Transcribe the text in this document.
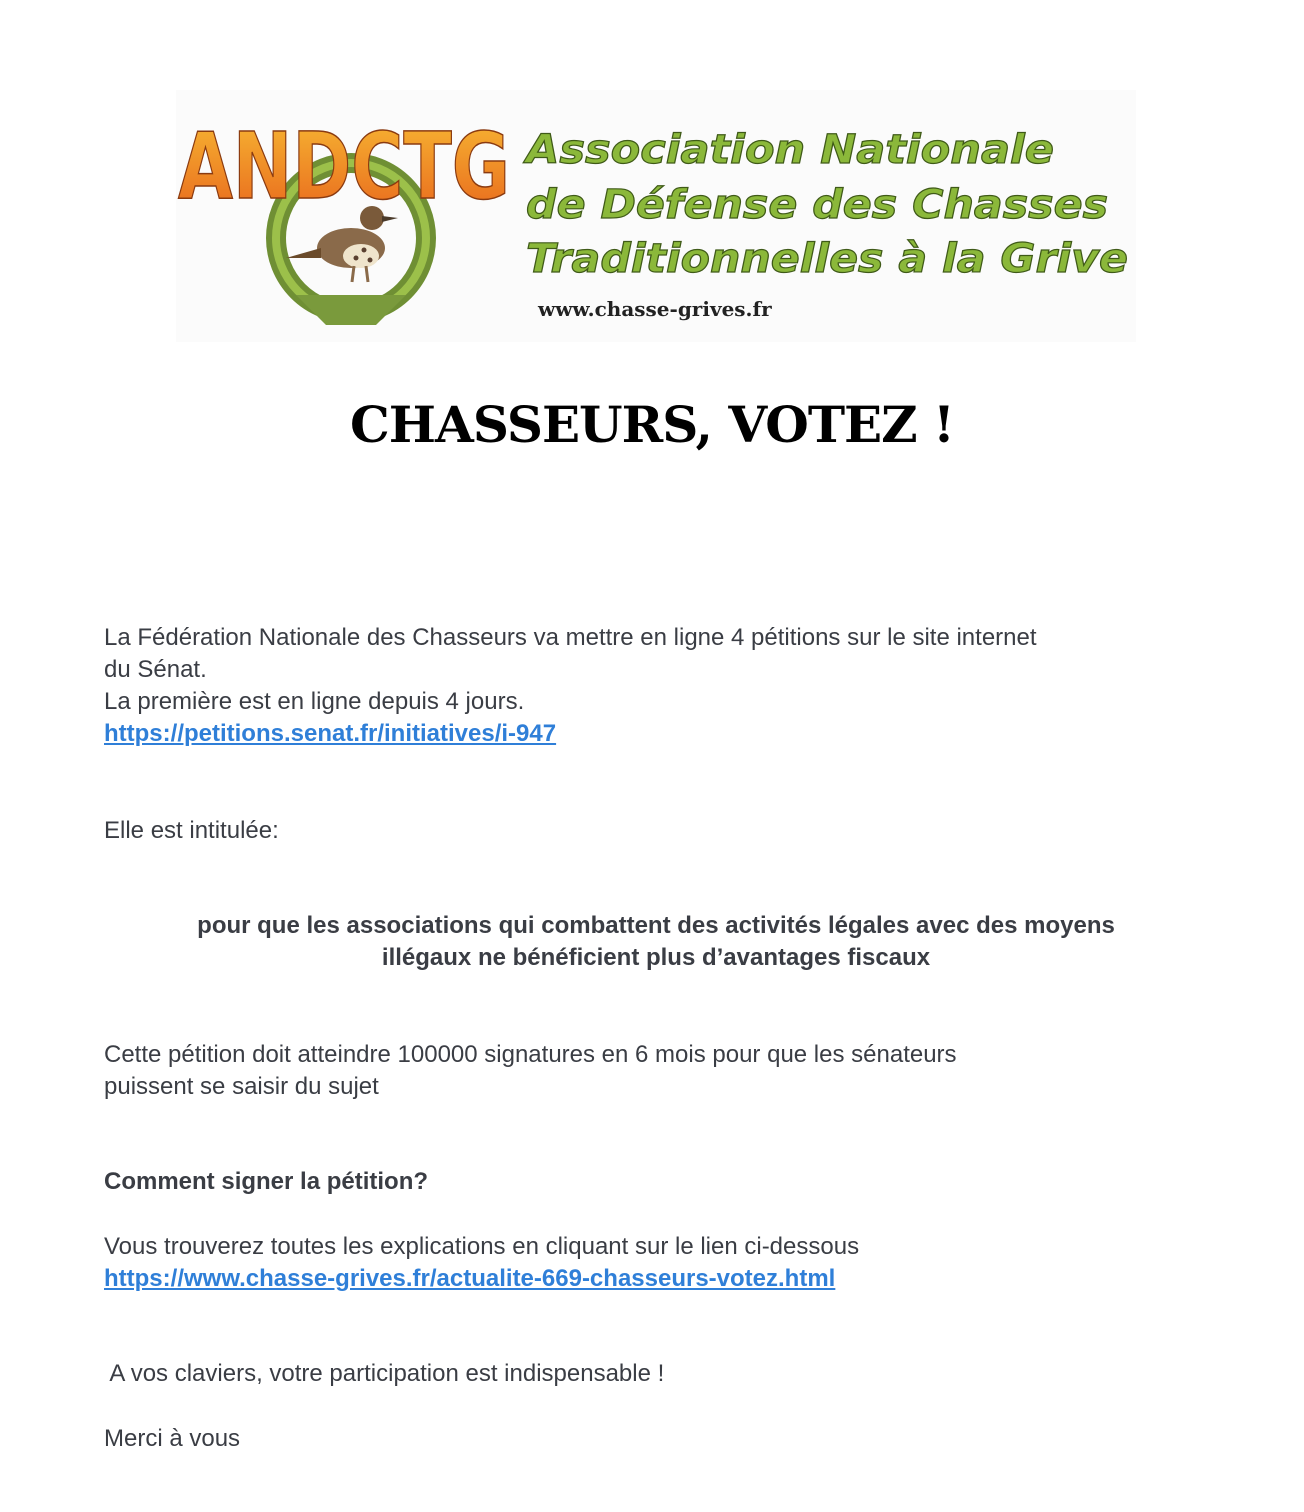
ANDCTG Association Nationale
de Défense des Chasses
Traditionnelles à la Grive
www.chasse-grives.fr
CHASSEURS, VOTEZ !

La Fédération Nationale des Chasseurs va mettre en ligne 4 pétitions sur le site internet

du Sénat.

La première est en ligne depuis 4 jours.

https://petitions.senat.fr/initiatives/i-947

Elle est intitulée:

pour que les associations qui combattent des activités légales avec des moyens

illégaux ne bénéficient plus d’avantages fiscaux

Cette pétition doit atteindre 100000 signatures en 6 mois pour que les sénateurs

puissent se saisir du sujet

Comment signer la pétition?

Vous trouverez toutes les explications en cliquant sur le lien ci-dessous

https://www.chasse-grives.fr/actualite-669-chasseurs-votez.html

A vos claviers, votre participation est indispensable !

Merci à vous
